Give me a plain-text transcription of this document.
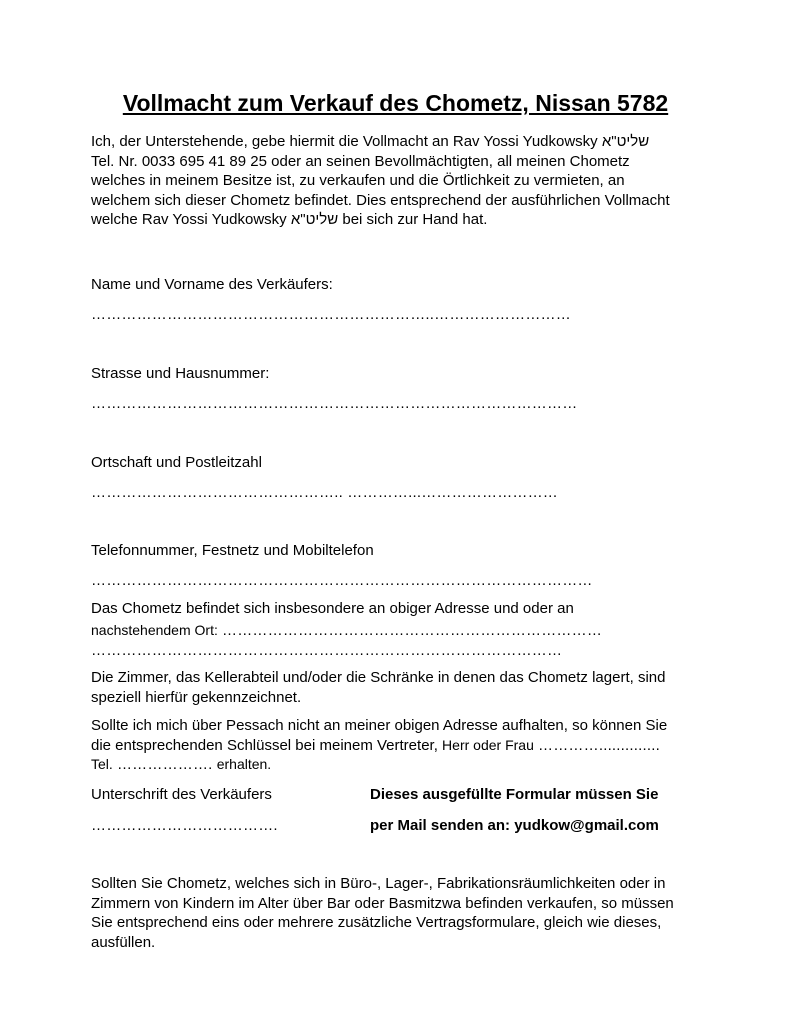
Vollmacht zum Verkauf des Chometz, Nissan 5782
Ich, der Unterstehende, gebe hiermit die Vollmacht an Rav Yossi Yudkowsky שליט"א
Tel. Nr. 0033 695 41 89 25 oder an seinen Bevollmächtigten, all meinen Chometz
welches in meinem Besitze ist, zu verkaufen und die Örtlichkeit zu vermieten, an
welchem sich dieser Chometz befindet. Dies entsprechend der ausführlichen Vollmacht
welche Rav Yossi Yudkowsky שליט"א bei sich zur Hand hat.
Name und Vorname des Verkäufers:
…………………………………………………………..………………………
Strasse und Hausnummer:
……………………………………………………………………………………
Ortschaft und Postleitzahl
………………………………………….. …………...………………………
Telefonnummer, Festnetz und Mobiltelefon
………………………………………………………………………………………
Das Chometz befindet sich insbesondere an obiger Adresse und oder an
nachstehendem Ort: …………………………………………………………………
…………………………………………………………………………………
Die Zimmer, das Kellerabteil und/oder die Schränke in denen das Chometz lagert, sind
speziell hierfür gekennzeichnet.
Sollte ich mich über Pessach nicht an meiner obigen Adresse aufhalten, so können Sie
die entsprechenden Schlüssel bei meinem Vertreter, Herr oder Frau …………..............
Tel. ………………. erhalten.
Unterschrift des Verkäufers	Dieses ausgefüllte Formular müssen Sie
……………………………….	per Mail senden an: yudkow@gmail.com
Sollten Sie Chometz, welches sich in Büro-, Lager-, Fabrikationsräumlichkeiten oder in
Zimmern von Kindern im Alter über Bar oder Basmitzwa befinden verkaufen, so müssen
Sie entsprechend eins oder mehrere zusätzliche Vertragsformulare, gleich wie dieses,
ausfüllen.
